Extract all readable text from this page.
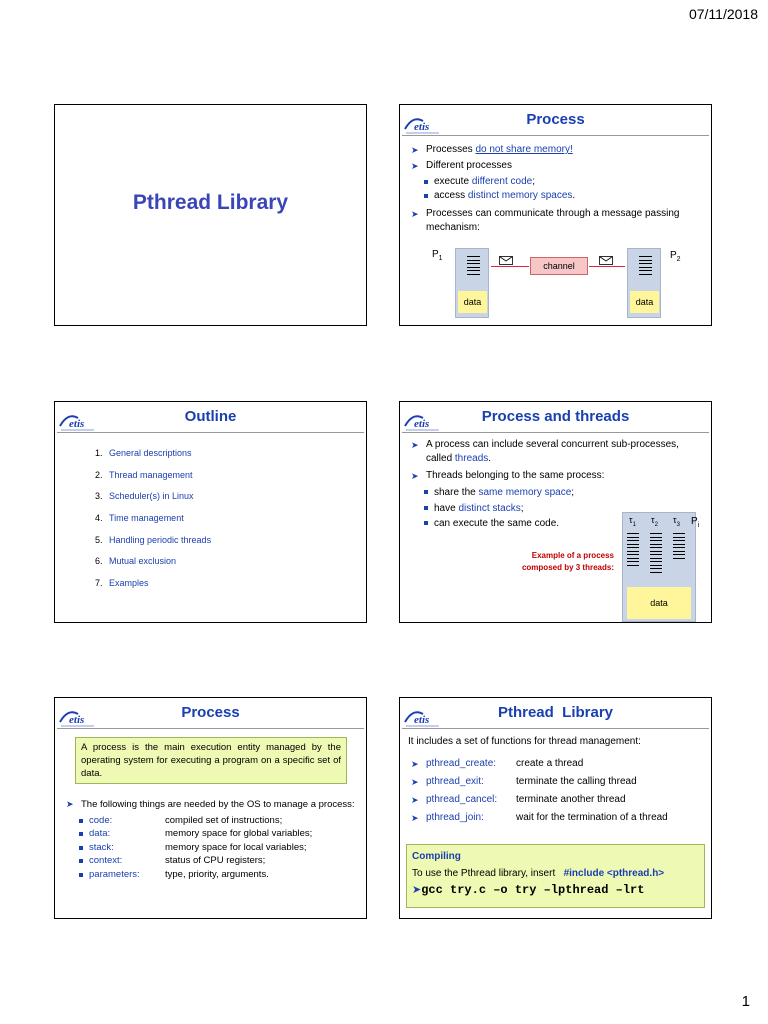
07/11/2018
Pthread Library
etis	Process
➤ Processes do not share memory!
➤ Different processes
execute different code;
access distinct memory spaces.
➤ Processes can communicate through a message passing mechanism:
$P_1$
data
channel
data
$P_2$
etis	Outline
1. General descriptions
2. Thread management
3. Scheduler(s) in Linux
4. Time management
5. Handling periodic threads
6. Mutual exclusion
7. Examples
etis	Process and threads
➤ A process can include several concurrent sub-processes, called threads.
➤ Threads belonging to the same process:
share the same memory space;
have distinct stacks;
can execute the same code.
Example of a process composed by 3 threads:
$\tau_1$ $\tau_2$ $\tau_3$
data
$P_i$
etis	Process
A process is the main execution entity managed by the operating system for executing a program on a specific set of data.
➤ The following things are needed by the OS to manage a process:
code:	compiled set of instructions;
data:	memory space for global variables;
stack:	memory space for local variables;
context:	status of CPU registers;
parameters:	type, priority, arguments.
etis	Pthread  Library
It includes a set of functions for thread management:
➤ pthread_create:	create a thread
➤ pthread_exit:	terminate the calling thread
➤ pthread_cancel:	terminate another thread
➤ pthread_join:	wait for the termination of a thread
Compiling
To use the Pthread library, insert #include <pthread.h>
➤gcc try.c –o try –lpthread –lrt
1
